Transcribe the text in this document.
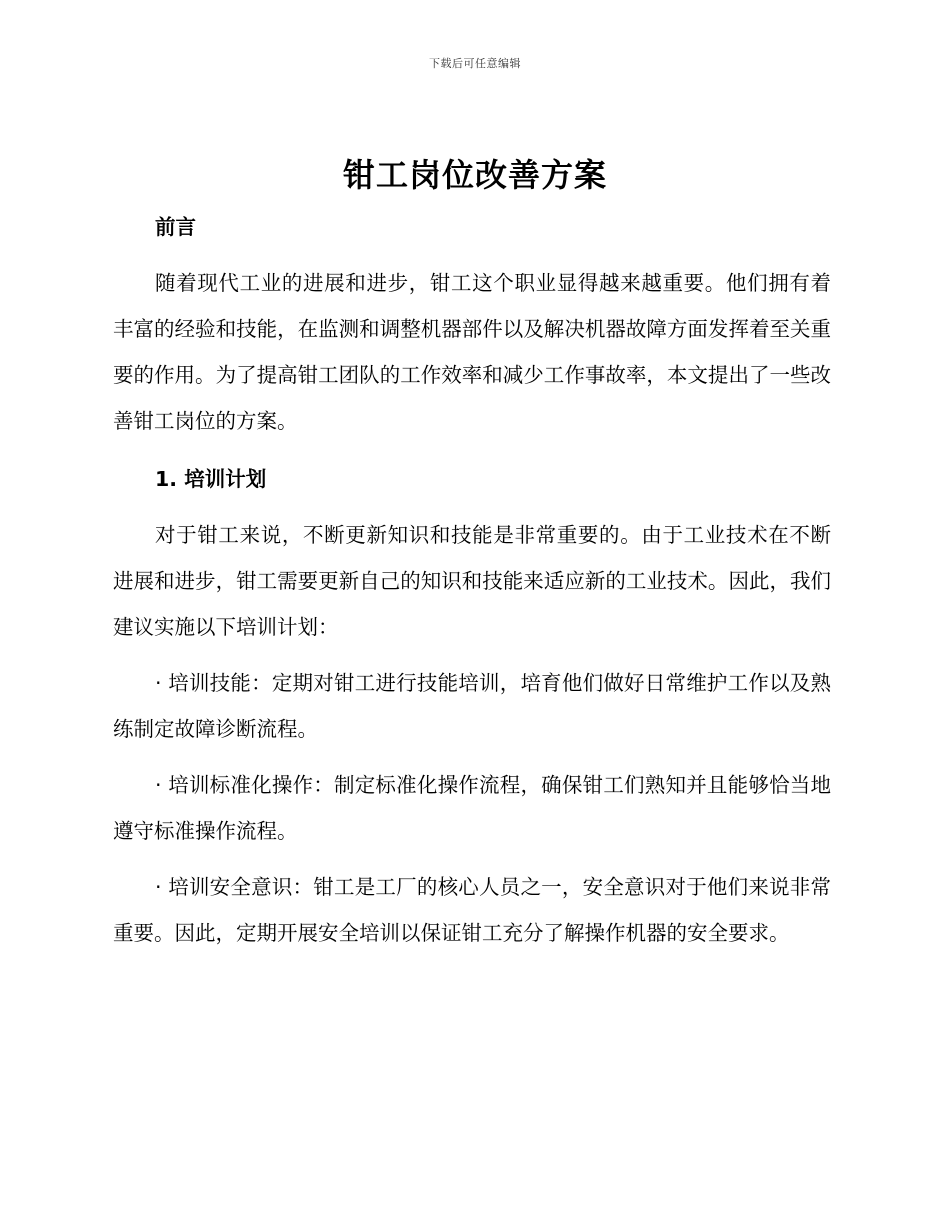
下载后可任意编辑
钳工岗位改善方案

前言

随着现代工业的进展和进步，钳工这个职业显得越来越重要。他们拥有着丰富的经验和技能，在监测和调整机器部件以及解决机器故障方面发挥着至关重要的作用。为了提高钳工团队的工作效率和减少工作事故率，本文提出了一些改善钳工岗位的方案。

1. 培训计划

对于钳工来说，不断更新知识和技能是非常重要的。由于工业技术在不断进展和进步，钳工需要更新自己的知识和技能来适应新的工业技术。因此，我们建议实施以下培训计划：

· 培训技能：定期对钳工进行技能培训，培育他们做好日常维护工作以及熟练制定故障诊断流程。

· 培训标准化操作：制定标准化操作流程，确保钳工们熟知并且能够恰当地遵守标准操作流程。

· 培训安全意识：钳工是工厂的核心人员之一，安全意识对于他们来说非常重要。因此，定期开展安全培训以保证钳工充分了解操作机器的安全要求。
